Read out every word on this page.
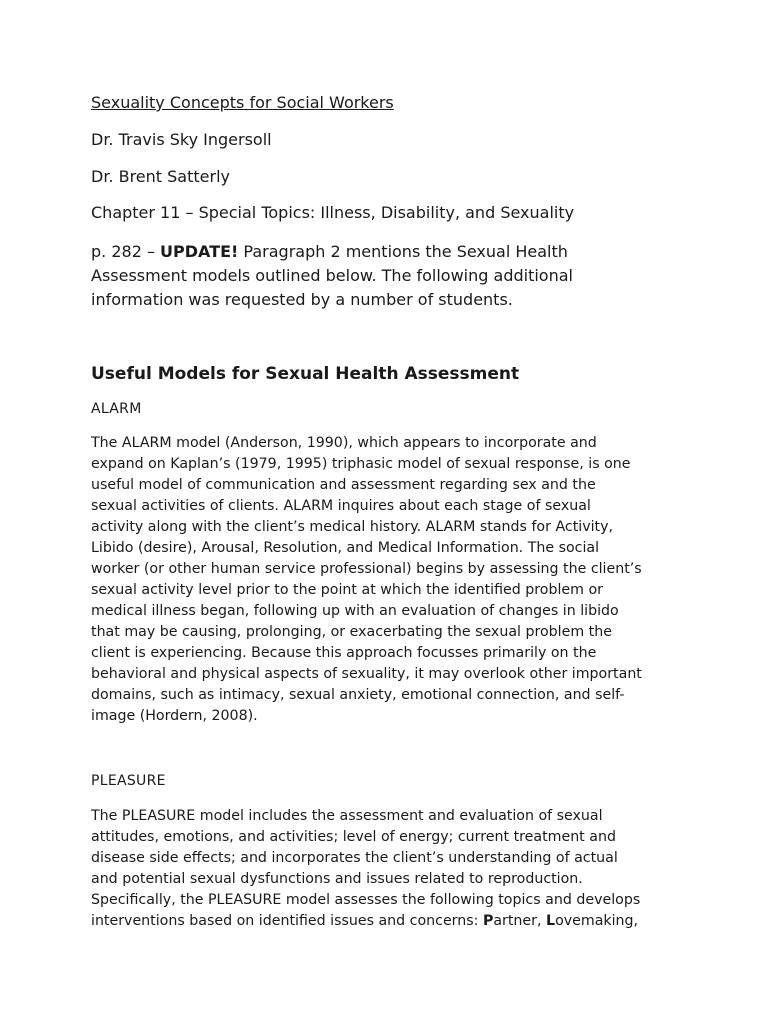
Sexuality Concepts for Social Workers
Dr. Travis Sky Ingersoll
Dr. Brent Satterly
Chapter 11 – Special Topics: Illness, Disability, and Sexuality
p. 282 – UPDATE! Paragraph 2 mentions the Sexual Health
Assessment models outlined below. The following additional
information was requested by a number of students.
Useful Models for Sexual Health Assessment
ALARM
The ALARM model (Anderson, 1990), which appears to incorporate and
expand on Kaplan’s (1979, 1995) triphasic model of sexual response, is one
useful model of communication and assessment regarding sex and the
sexual activities of clients. ALARM inquires about each stage of sexual
activity along with the client’s medical history. ALARM stands for Activity,
Libido (desire), Arousal, Resolution, and Medical Information. The social
worker (or other human service professional) begins by assessing the client’s
sexual activity level prior to the point at which the identified problem or
medical illness began, following up with an evaluation of changes in libido
that may be causing, prolonging, or exacerbating the sexual problem the
client is experiencing. Because this approach focusses primarily on the
behavioral and physical aspects of sexuality, it may overlook other important
domains, such as intimacy, sexual anxiety, emotional connection, and self-
image (Hordern, 2008).
PLEASURE
The PLEASURE model includes the assessment and evaluation of sexual
attitudes, emotions, and activities; level of energy; current treatment and
disease side effects; and incorporates the client’s understanding of actual
and potential sexual dysfunctions and issues related to reproduction.
Specifically, the PLEASURE model assesses the following topics and develops
interventions based on identified issues and concerns: Partner, Lovemaking,
